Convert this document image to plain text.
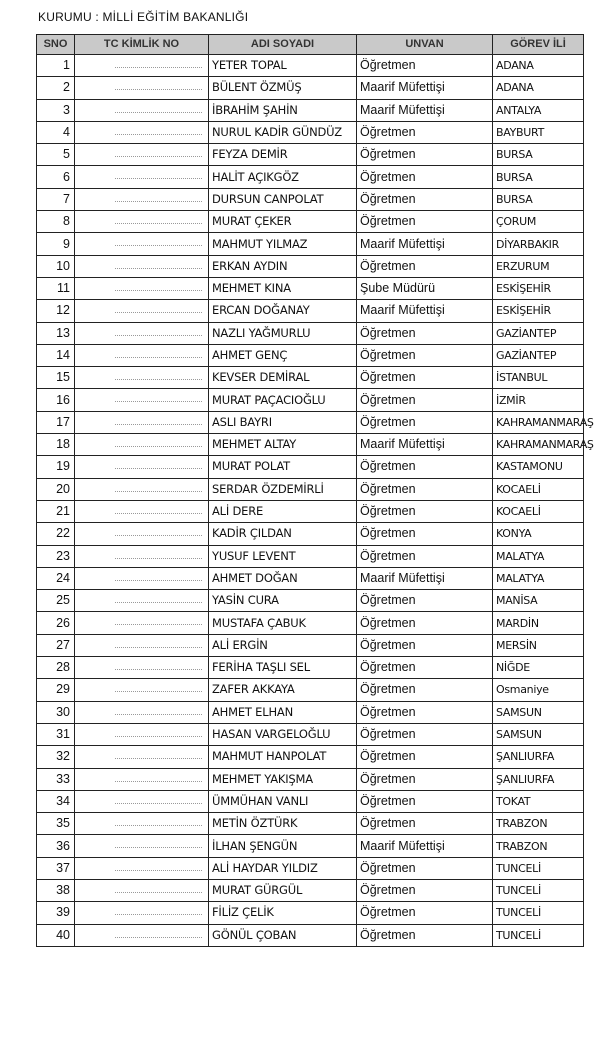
KURUMU : MİLLİ EĞİTİM BAKANLIĞI
SNO	TC KİMLİK NO	ADI SOYADI	UNVAN	GÖREV İLİ
1		YETER TOPAL	Öğretmen	ADANA
2		BÜLENT ÖZMÜŞ	Maarif Müfettişi	ADANA
3		İBRAHİM ŞAHİN	Maarif Müfettişi	ANTALYA
4		NURUL KADİR GÜNDÜZ	Öğretmen	BAYBURT
5		FEYZA DEMİR	Öğretmen	BURSA
6		HALİT AÇIKGÖZ	Öğretmen	BURSA
7		DURSUN CANPOLAT	Öğretmen	BURSA
8		MURAT ÇEKER	Öğretmen	ÇORUM
9		MAHMUT YILMAZ	Maarif Müfettişi	DİYARBAKIR
10		ERKAN AYDIN	Öğretmen	ERZURUM
11		MEHMET KINA	Şube Müdürü	ESKİŞEHİR
12		ERCAN DOĞANAY	Maarif Müfettişi	ESKİŞEHİR
13		NAZLI YAĞMURLU	Öğretmen	GAZİANTEP
14		AHMET GENÇ	Öğretmen	GAZİANTEP
15		KEVSER DEMİRAL	Öğretmen	İSTANBUL
16		MURAT PAÇACIOĞLU	Öğretmen	İZMİR
17		ASLI BAYRI	Öğretmen	KAHRAMANMARAŞ
18		MEHMET ALTAY	Maarif Müfettişi	KAHRAMANMARAŞ
19		MURAT POLAT	Öğretmen	KASTAMONU
20		SERDAR ÖZDEMİRLİ	Öğretmen	KOCAELİ
21		ALİ DERE	Öğretmen	KOCAELİ
22		KADİR ÇILDAN	Öğretmen	KONYA
23		YUSUF LEVENT	Öğretmen	MALATYA
24		AHMET DOĞAN	Maarif Müfettişi	MALATYA
25		YASİN CURA	Öğretmen	MANİSA
26		MUSTAFA ÇABUK	Öğretmen	MARDİN
27		ALİ ERGİN	Öğretmen	MERSİN
28		FERİHA TAŞLI SEL	Öğretmen	NİĞDE
29		ZAFER AKKAYA	Öğretmen	Osmaniye
30		AHMET ELHAN	Öğretmen	SAMSUN
31		HASAN VARGELOĞLU	Öğretmen	SAMSUN
32		MAHMUT HANPOLAT	Öğretmen	ŞANLIURFA
33		MEHMET YAKIŞMA	Öğretmen	ŞANLIURFA
34		ÜMMÜHAN VANLI	Öğretmen	TOKAT
35		METİN ÖZTÜRK	Öğretmen	TRABZON
36		İLHAN ŞENGÜN	Maarif Müfettişi	TRABZON
37		ALİ HAYDAR YILDIZ	Öğretmen	TUNCELİ
38		MURAT GÜRGÜL	Öğretmen	TUNCELİ
39		FİLİZ ÇELİK	Öğretmen	TUNCELİ
40		GÖNÜL ÇOBAN	Öğretmen	TUNCELİ
